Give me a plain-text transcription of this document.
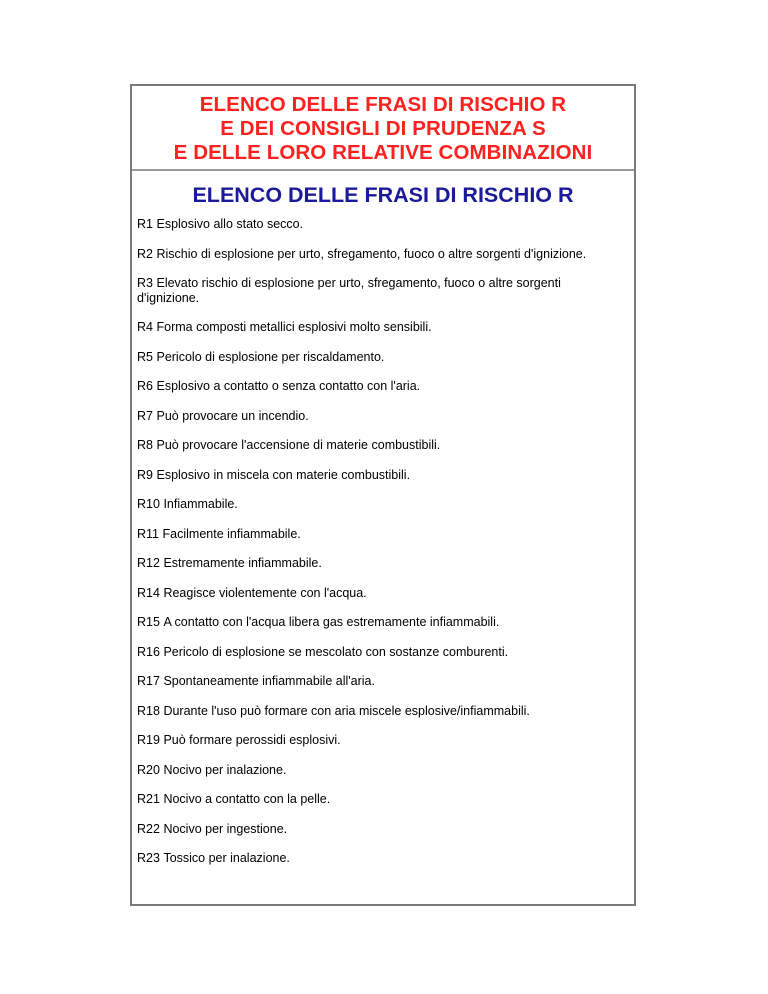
ELENCO DELLE FRASI DI RISCHIO R
E DEI CONSIGLI DI PRUDENZA S
E DELLE LORO RELATIVE COMBINAZIONI
ELENCO DELLE FRASI DI RISCHIO R
R1 Esplosivo allo stato secco.
R2 Rischio di esplosione per urto, sfregamento, fuoco o altre sorgenti d'ignizione.
R3 Elevato rischio di esplosione per urto, sfregamento, fuoco o altre sorgenti d'ignizione.
R4 Forma composti metallici esplosivi molto sensibili.
R5 Pericolo di esplosione per riscaldamento.
R6 Esplosivo a contatto o senza contatto con l'aria.
R7 Può provocare un incendio.
R8 Può provocare l'accensione di materie combustibili.
R9 Esplosivo in miscela con materie combustibili.
R10 Infiammabile.
R11 Facilmente infiammabile.
R12 Estremamente infiammabile.
R14 Reagisce violentemente con l'acqua.
R15 A contatto con l'acqua libera gas estremamente infiammabili.
R16 Pericolo di esplosione se mescolato con sostanze comburenti.
R17 Spontaneamente infiammabile all'aria.
R18 Durante l'uso può formare con aria miscele esplosive/infiammabili.
R19 Può formare perossidi esplosivi.
R20 Nocivo per inalazione.
R21 Nocivo a contatto con la pelle.
R22 Nocivo per ingestione.
R23 Tossico per inalazione.
